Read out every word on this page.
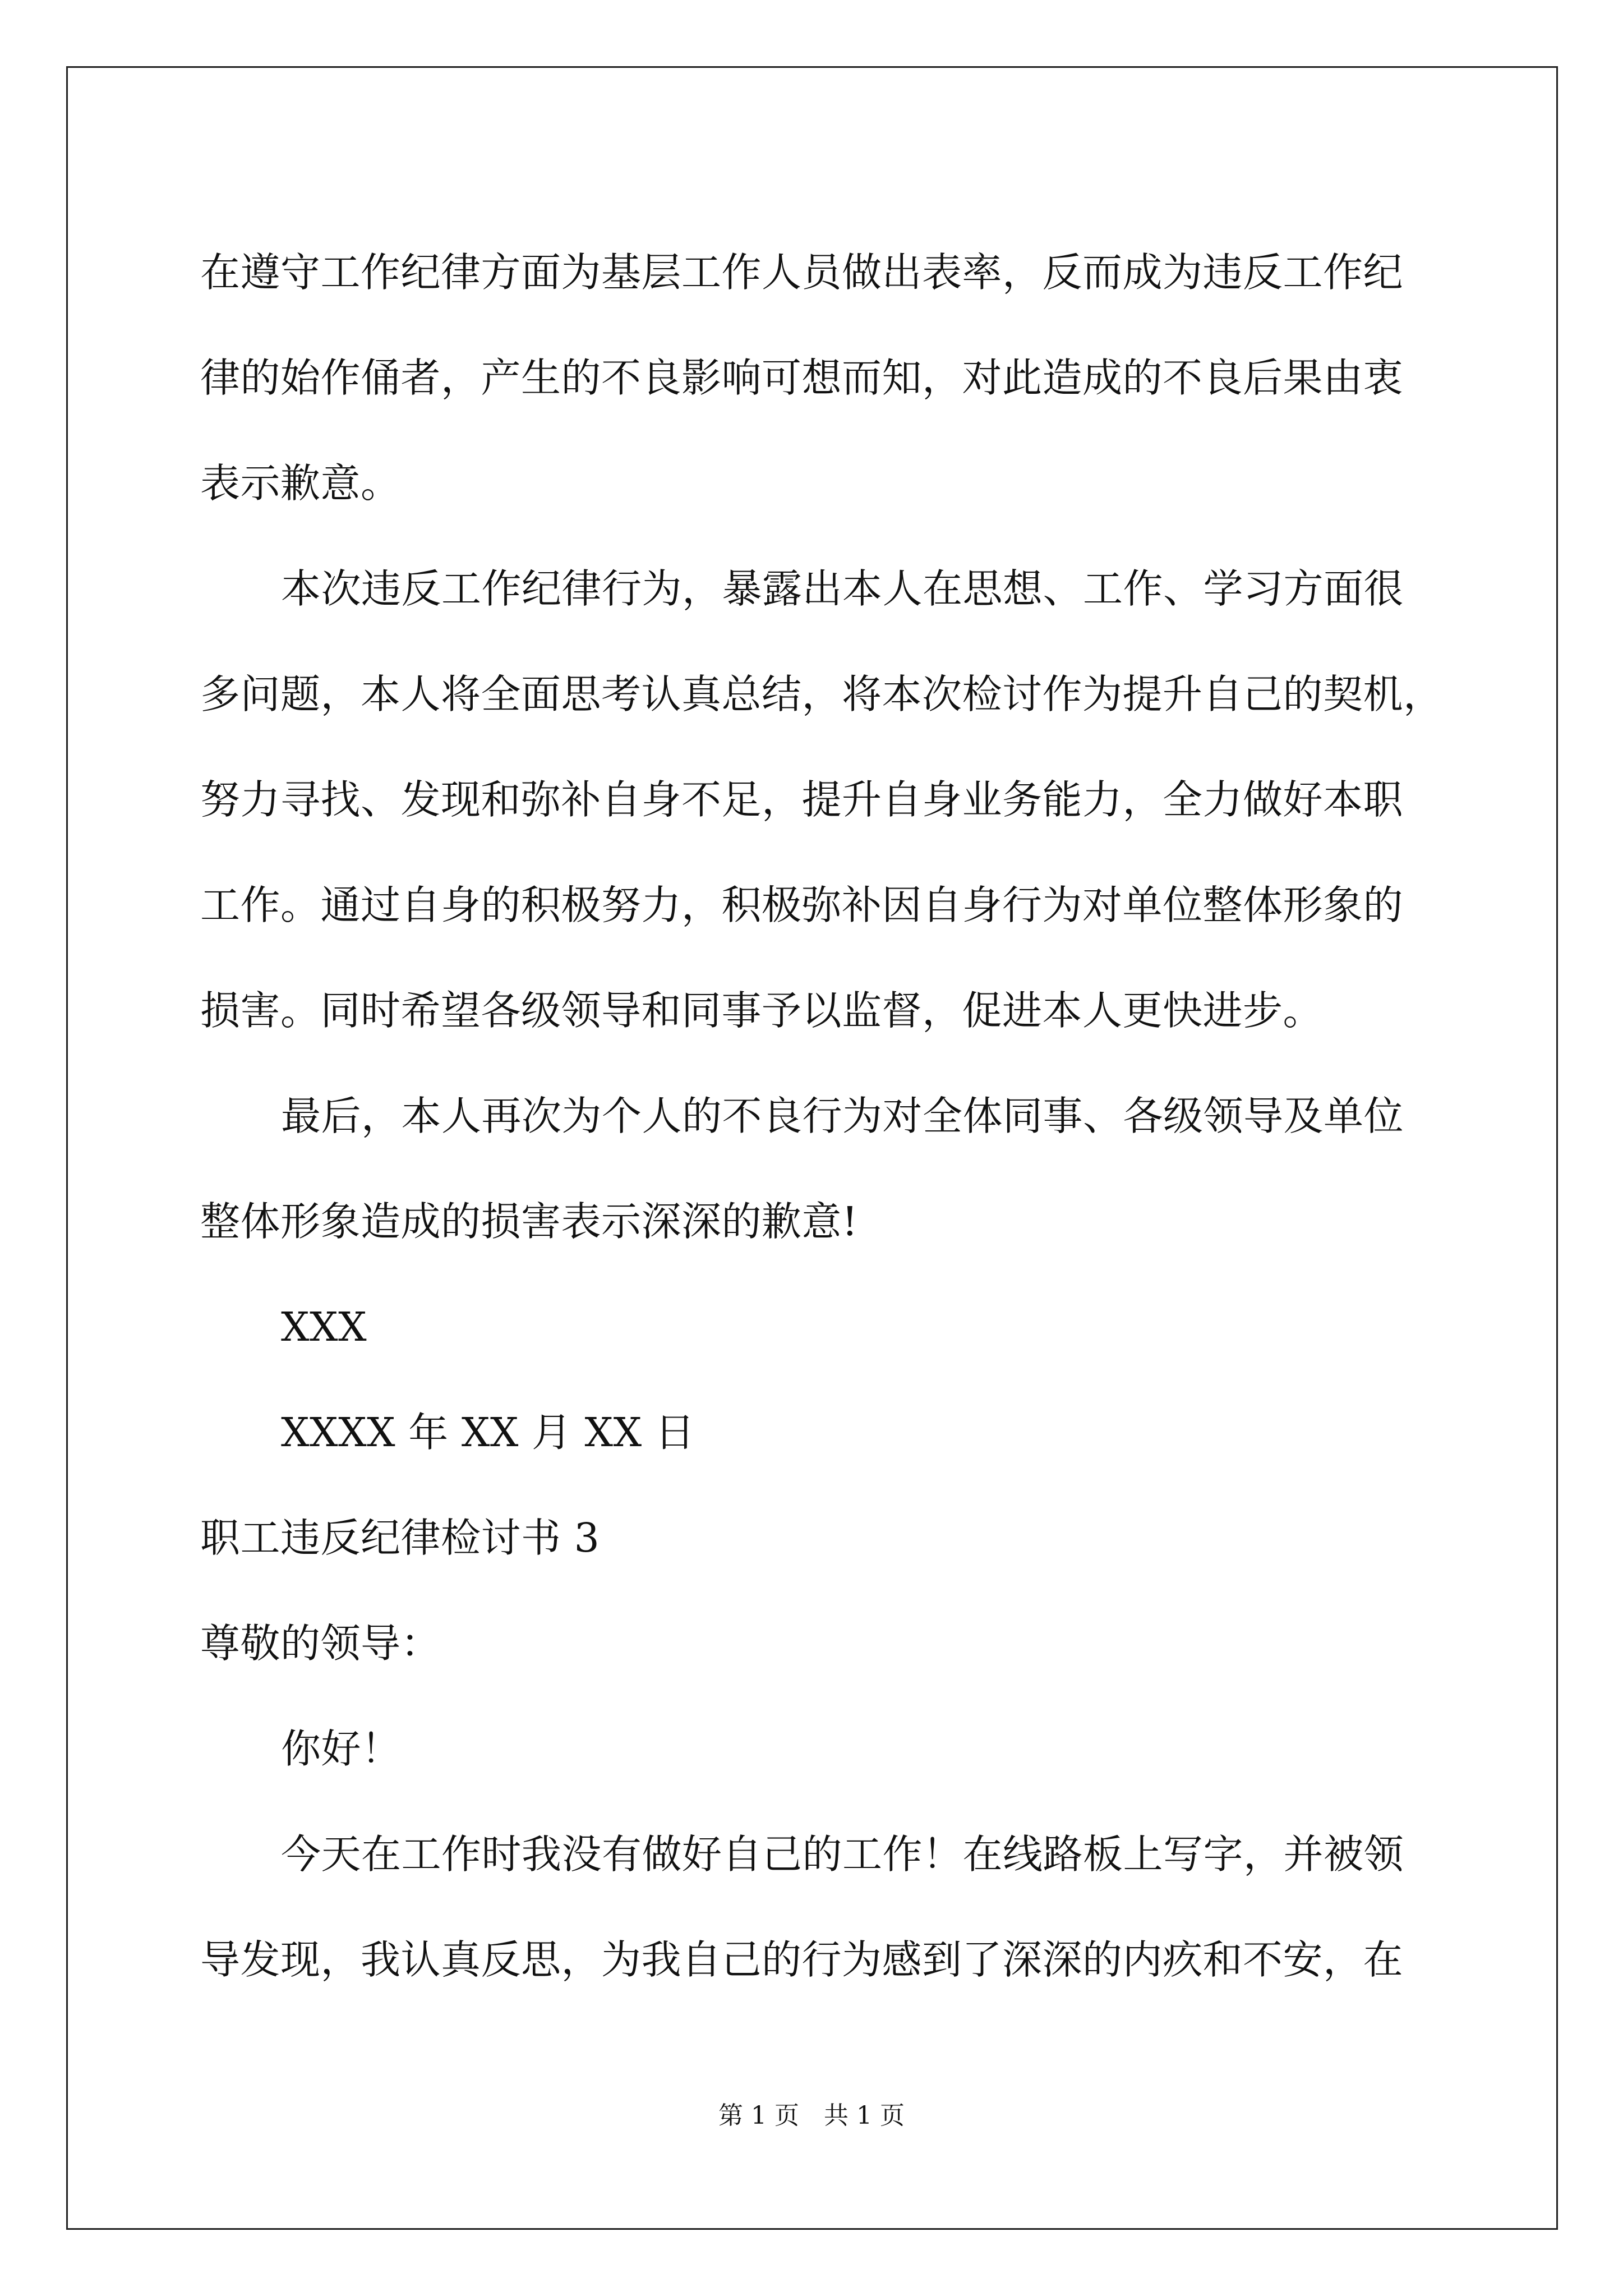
在遵守工作纪律方面为基层工作人员做出表率，反而成为违反工作纪
律的始作俑者，产生的不良影响可想而知，对此造成的不良后果由衷
表示歉意。
本次违反工作纪律行为，暴露出本人在思想、工作、学习方面很
多问题，本人将全面思考认真总结，将本次检讨作为提升自己的契机，
努力寻找、发现和弥补自身不足，提升自身业务能力，全力做好本职
工作。通过自身的积极努力，积极弥补因自身行为对单位整体形象的
损害。同时希望各级领导和同事予以监督，促进本人更快进步。
最后，本人再次为个人的不良行为对全体同事、各级领导及单位
整体形象造成的损害表示深深的歉意!
XXX
XXXX 年 XX 月 XX 日
职工违反纪律检讨书 3
尊敬的领导：
你好！
今天在工作时我没有做好自己的工作！在线路板上写字，并被领
导发现，我认真反思，为我自己的行为感到了深深的内疚和不安，在
第 1 页 共 1 页
